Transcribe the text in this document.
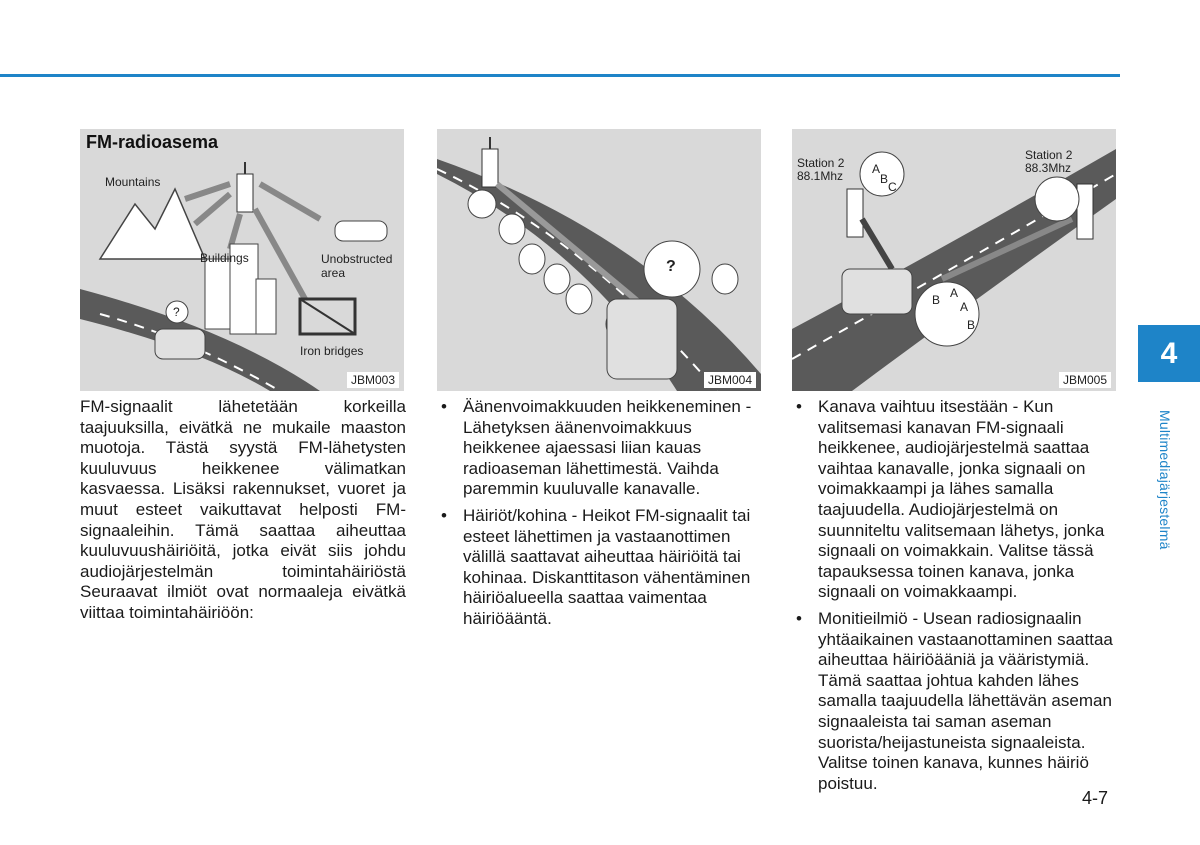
4
Multimediajärjestelmä
FM-radioasema
Mountains
Buildings	Unobstructed
area
Iron bridges
?
JBM003
?
JBM004
Station 2
88.1Mhz
Station 2
88.3Mhz
A
B
C
B A
A
B
JBM005

FM-signaalit lähetetään korkeilla taajuuksilla, eivätkä ne mukaile maaston muotoja. Tästä syystä FM-lähetysten kuuluvuus heikkenee välimatkan kasvaessa. Lisäksi rakennukset, vuoret ja muut esteet vaikuttavat helposti FM-signaaleihin. Tämä saattaa aiheuttaa kuuluvuushäiriöitä, jotka eivät siis johdu audiojärjestelmän toimintahäiriöstä Seuraavat ilmiöt ovat normaaleja eivätkä viittaa toimintahäiriöön:

• Äänenvoimakkuuden heikkeneminen - Lähetyksen äänenvoimakkuus heikkenee ajaessasi liian kauas radioaseman lähettimestä. Vaihda paremmin kuuluvalle kanavalle.
• Häiriöt/kohina - Heikot FM-signaalit tai esteet lähettimen ja vastaanottimen välillä saattavat aiheuttaa häiriöitä tai kohinaa. Diskanttitason vähentäminen häiriöalueella saattaa vaimentaa häiriöääntä.
• Kanava vaihtuu itsestään - Kun valitsemasi kanavan FM-signaali heikkenee, audiojärjestelmä saattaa vaihtaa kanavalle, jonka signaali on voimakkaampi ja lähes samalla taajuudella. Audiojärjestelmä on suunniteltu valitsemaan lähetys, jonka signaali on voimakkain. Valitse tässä tapauksessa toinen kanava, jonka signaali on voimakkaampi.
• Monitieilmiö - Usean radiosignaalin yhtäaikainen vastaanottaminen saattaa aiheuttaa häiriöääniä ja vääristymiä. Tämä saattaa johtua kahden lähes samalla taajuudella lähettävän aseman signaaleista tai saman aseman suorista/heijastuneista signaaleista. Valitse toinen kanava, kunnes häiriö poistuu.
4-7
